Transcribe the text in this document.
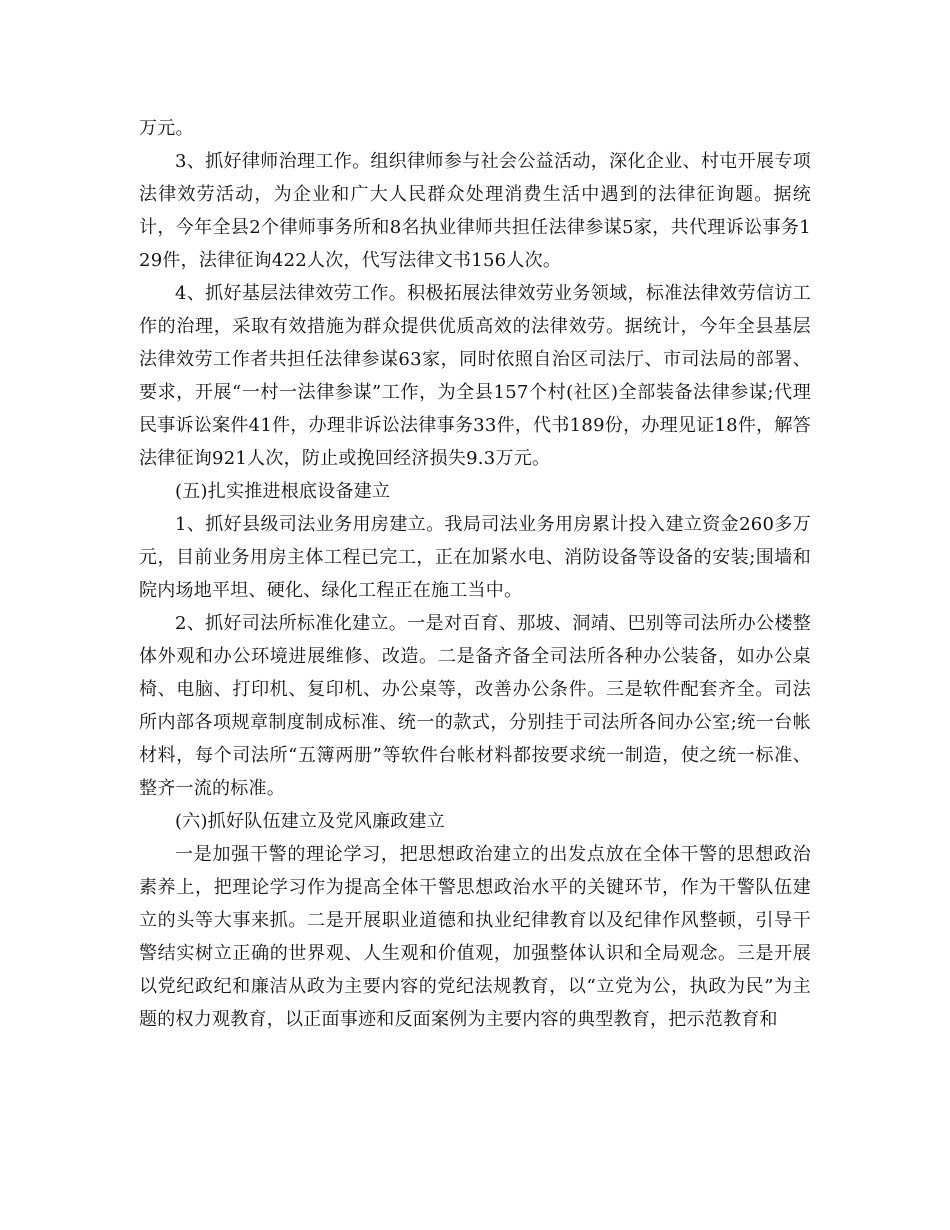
万元。

3、抓好律师治理工作。组织律师参与社会公益活动，深化企业、村屯开展专项法律效劳活动，为企业和广大人民群众处理消费生活中遇到的法律征询题。据统计，今年全县2个律师事务所和8名执业律师共担任法律参谋5家，共代理诉讼事务129件，法律征询422人次，代写法律文书156人次。

4、抓好基层法律效劳工作。积极拓展法律效劳业务领域，标准法律效劳信访工作的治理，采取有效措施为群众提供优质高效的法律效劳。据统计，今年全县基层法律效劳工作者共担任法律参谋63家，同时依照自治区司法厅、市司法局的部署、要求，开展“一村一法律参谋”工作，为全县157个村(社区)全部装备法律参谋;代理民事诉讼案件41件，办理非诉讼法律事务33件，代书189份，办理见证18件，解答法律征询921人次，防止或挽回经济损失9.3万元。

(五)扎实推进根底设备建立

1、抓好县级司法业务用房建立。我局司法业务用房累计投入建立资金260多万元，目前业务用房主体工程已完工，正在加紧水电、消防设备等设备的安装;围墙和院内场地平坦、硬化、绿化工程正在施工当中。

2、抓好司法所标准化建立。一是对百育、那坡、洞靖、巴别等司法所办公楼整体外观和办公环境进展维修、改造。二是备齐备全司法所各种办公装备，如办公桌椅、电脑、打印机、复印机、办公桌等，改善办公条件。三是软件配套齐全。司法所内部各项规章制度制成标准、统一的款式，分别挂于司法所各间办公室;统一台帐材料，每个司法所“五簿两册”等软件台帐材料都按要求统一制造，使之统一标准、整齐一流的标准。

(六)抓好队伍建立及党风廉政建立

一是加强干警的理论学习，把思想政治建立的出发点放在全体干警的思想政治素养上，把理论学习作为提高全体干警思想政治水平的关键环节，作为干警队伍建立的头等大事来抓。二是开展职业道德和执业纪律教育以及纪律作风整顿，引导干警结实树立正确的世界观、人生观和价值观，加强整体认识和全局观念。三是开展以党纪政纪和廉洁从政为主要内容的党纪法规教育，以“立党为公，执政为民”为主题的权力观教育，以正面事迹和反面案例为主要内容的典型教育，把示范教育和
